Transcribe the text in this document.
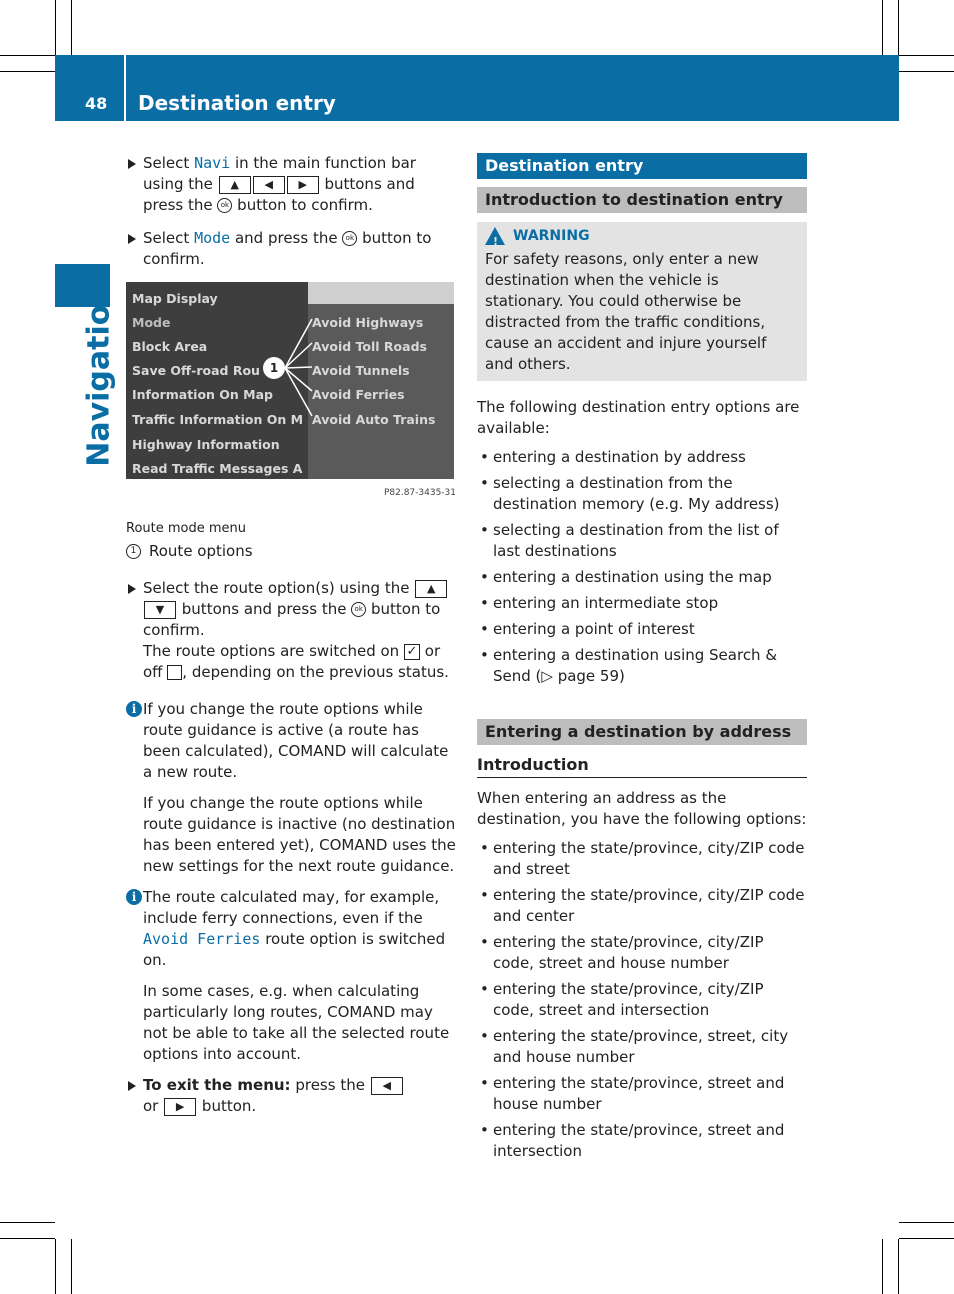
48 Destination entry
Navigation
Select Navi in the main function bar using the ▲ ◀ ▶ buttons and press the ok button to confirm.
Select Mode and press the ok button to confirm.
Map Display
Mode
Block Area
Save Off-road Rou
Information On Map
Traffic Information On M
Highway Information
Read Traffic Messages A
Avoid Highways
Avoid Toll Roads
Avoid Tunnels
Avoid Ferries
Avoid Auto Trains
1
P82.87-3435-31
Route mode menu
1 Route options
Select the route option(s) using the ▲▼ buttons and press the ok button to confirm.
The route options are switched on ✓ or off , depending on the previous status.
i If you change the route options while route guidance is active (a route has been calculated), COMAND will calculate a new route.

If you change the route options while route guidance is inactive (no destination has been entered yet), COMAND uses the new settings for the next route guidance.

i The route calculated may, for example, include ferry connections, even if the Avoid Ferries route option is switched on.

In some cases, e.g. when calculating particularly long routes, COMAND may not be able to take all the selected route options into account.

To exit the menu: press the ◀
or ▶ button.
Destination entry
Introduction to destination entry
! WARNING
For safety reasons, only enter a new destination when the vehicle is stationary. You could otherwise be distracted from the traffic conditions, cause an accident and injure yourself and others.
The following destination entry options are available:
• entering a destination by address
• selecting a destination from the destination memory (e.g. My address)
• selecting a destination from the list of last destinations
• entering a destination using the map
• entering an intermediate stop
• entering a point of interest
• entering a destination using Search & Send (▷ page 59)
Entering a destination by address
Introduction
When entering an address as the destination, you have the following options:
• entering the state/province, city/ZIP code and street
• entering the state/province, city/ZIP code and center
• entering the state/province, city/ZIP code, street and house number
• entering the state/province, city/ZIP code, street and intersection
• entering the state/province, street, city and house number
• entering the state/province, street and house number
• entering the state/province, street and intersection
